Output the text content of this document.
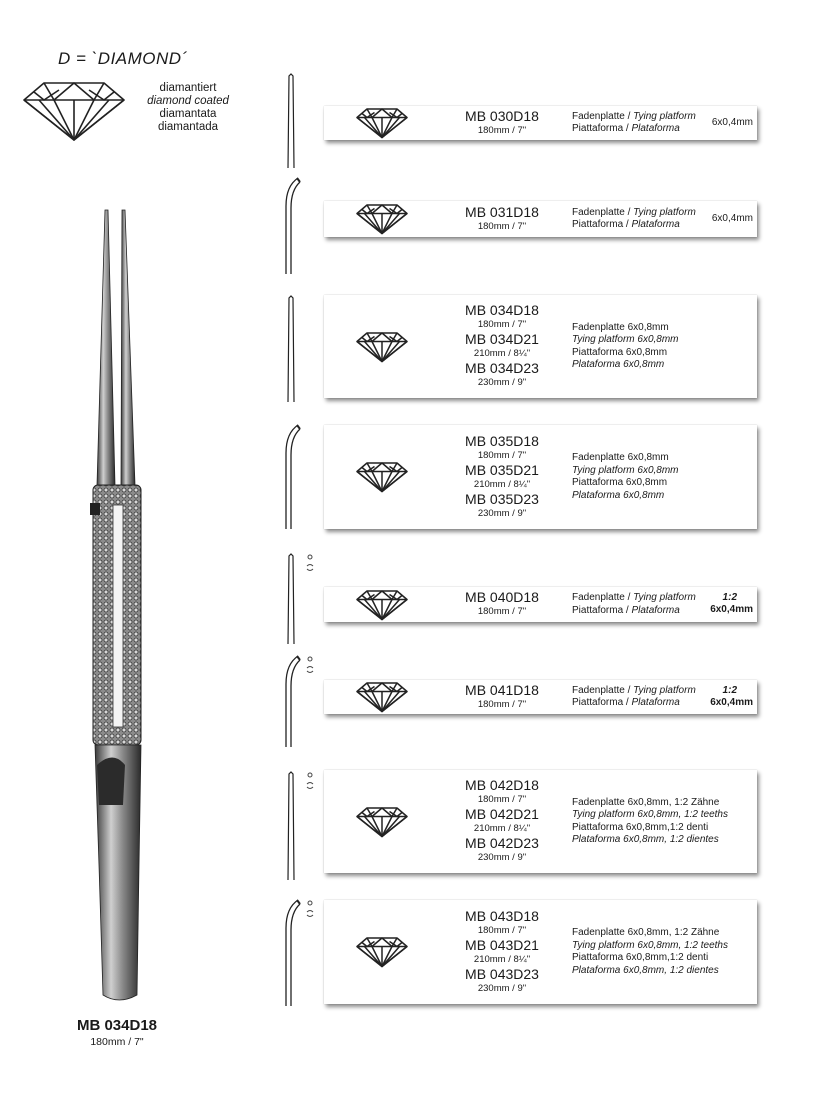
D = `DIAMOND´
diamantiert
diamond coated
diamantata
diamantada
MB 034D18
180mm / 7"
MB 030D18
180mm / 7"
Fadenplatte / Tying platform
Piattaforma / Plataforma
6x0,4mm
MB 031D18
180mm / 7"
Fadenplatte / Tying platform
Piattaforma / Plataforma
6x0,4mm
MB 034D18
180mm / 7"
MB 034D21
210mm / 8¼"
MB 034D23
230mm / 9"
Fadenplatte 6x0,8mm
Tying platform 6x0,8mm
Piattaforma 6x0,8mm
Plataforma 6x0,8mm
MB 035D18
180mm / 7"
MB 035D21
210mm / 8¼"
MB 035D23
230mm / 9"
Fadenplatte 6x0,8mm
Tying platform 6x0,8mm
Piattaforma 6x0,8mm
Plataforma 6x0,8mm
MB 040D18
180mm / 7"
Fadenplatte / Tying platform
Piattaforma / Plataforma
1:2
6x0,4mm
MB 041D18
180mm / 7"
Fadenplatte / Tying platform
Piattaforma / Plataforma
1:2
6x0,4mm
MB 042D18
180mm / 7"
MB 042D21
210mm / 8¼"
MB 042D23
230mm / 9"
Fadenplatte 6x0,8mm, 1:2 Zähne
Tying platform 6x0,8mm, 1:2 teeths
Piattaforma 6x0,8mm,1:2 denti
Plataforma 6x0,8mm, 1:2 dientes
MB 043D18
180mm / 7"
MB 043D21
210mm / 8¼"
MB 043D23
230mm / 9"
Fadenplatte 6x0,8mm, 1:2 Zähne
Tying platform 6x0,8mm, 1:2 teeths
Piattaforma 6x0,8mm,1:2 denti
Plataforma 6x0,8mm, 1:2 dientes
